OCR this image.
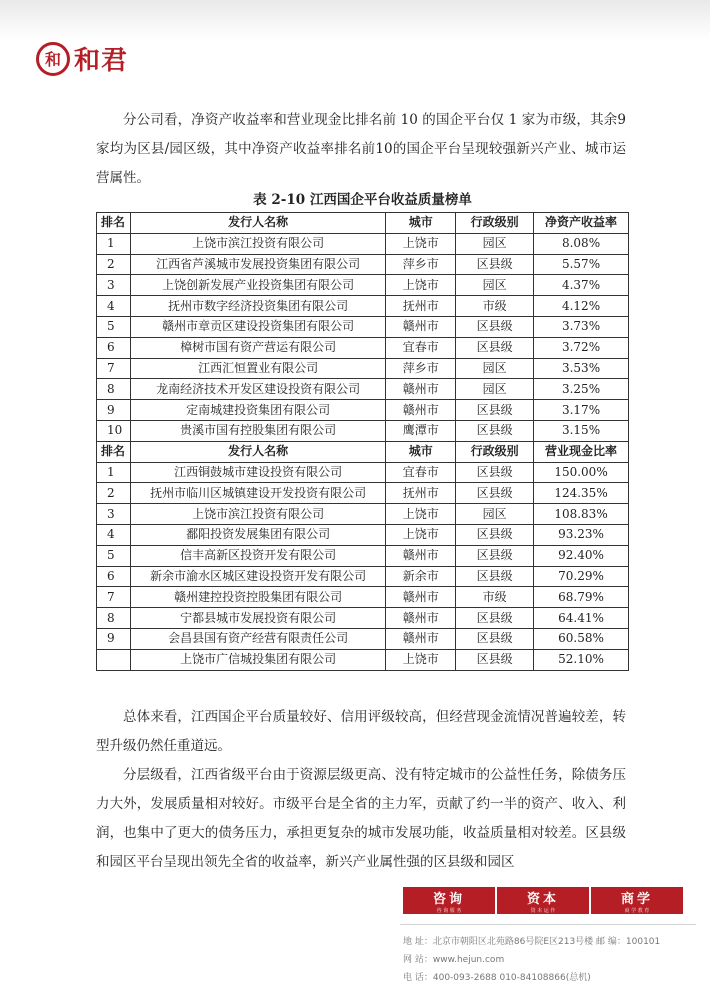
和 和君

分公司看，净资产收益率和营业现金比排名前 10 的国企平台仅 1 家为市级，其余9家均为区县/园区级，其中净资产收益率排名前10的国企平台呈现较强新兴产业、城市运营属性。

表 2-10 江西国企平台收益质量榜单
排名	发行人名称	城市	行政级别	净资产收益率
1	上饶市滨江投资有限公司	上饶市	园区	8.08%
2	江西省芦溪城市发展投资集团有限公司	萍乡市	区县级	5.57%
3	上饶创新发展产业投资集团有限公司	上饶市	园区	4.37%
4	抚州市数字经济投资集团有限公司	抚州市	市级	4.12%
5	赣州市章贡区建设投资集团有限公司	赣州市	区县级	3.73%
6	樟树市国有资产营运有限公司	宜春市	区县级	3.72%
7	江西汇恒置业有限公司	萍乡市	园区	3.53%
8	龙南经济技术开发区建设投资有限公司	赣州市	园区	3.25%
9	定南城建投资集团有限公司	赣州市	区县级	3.17%
10	贵溪市国有控股集团有限公司	鹰潭市	区县级	3.15%
排名	发行人名称	城市	行政级别	营业现金比率
1	江西铜鼓城市建设投资有限公司	宜春市	区县级	150.00%
2	抚州市临川区城镇建设开发投资有限公司	抚州市	区县级	124.35%
3	上饶市滨江投资有限公司	上饶市	园区	108.83%
4	鄱阳投资发展集团有限公司	上饶市	区县级	93.23%
5	信丰高新区投资开发有限公司	赣州市	区县级	92.40%
6	新余市渝水区城区建设投资开发有限公司	新余市	区县级	70.29%
7	赣州建控投资控股集团有限公司	赣州市	市级	68.79%
8	宁都县城市发展投资有限公司	赣州市	区县级	64.41%
9	会昌县国有资产经营有限责任公司	赣州市	区县级	60.58%
	上饶市广信城投集团有限公司	上饶市	区县级	52.10%

总体来看，江西国企平台质量较好、信用评级较高，但经营现金流情况普遍较差，转型升级仍然任重道远。

分层级看，江西省级平台由于资源层级更高、没有特定城市的公益性任务，除债务压力大外，发展质量相对较好。市级平台是全省的主力军，贡献了约一半的资产、收入、利润，也集中了更大的债务压力，承担更复杂的城市发展功能，收益质量相对较差。区县级和园区平台呈现出领先全省的收益率，新兴产业属性强的区县级和园区

咨询
咨 询 服 务
资本
资 本 运 作
商学
商 学 教 育
地 址：北京市朝阳区北苑路86号院E区213号楼 邮 编：100101
网 站：www.hejun.com
电 话：400-093-2688 010-84108866(总机)
